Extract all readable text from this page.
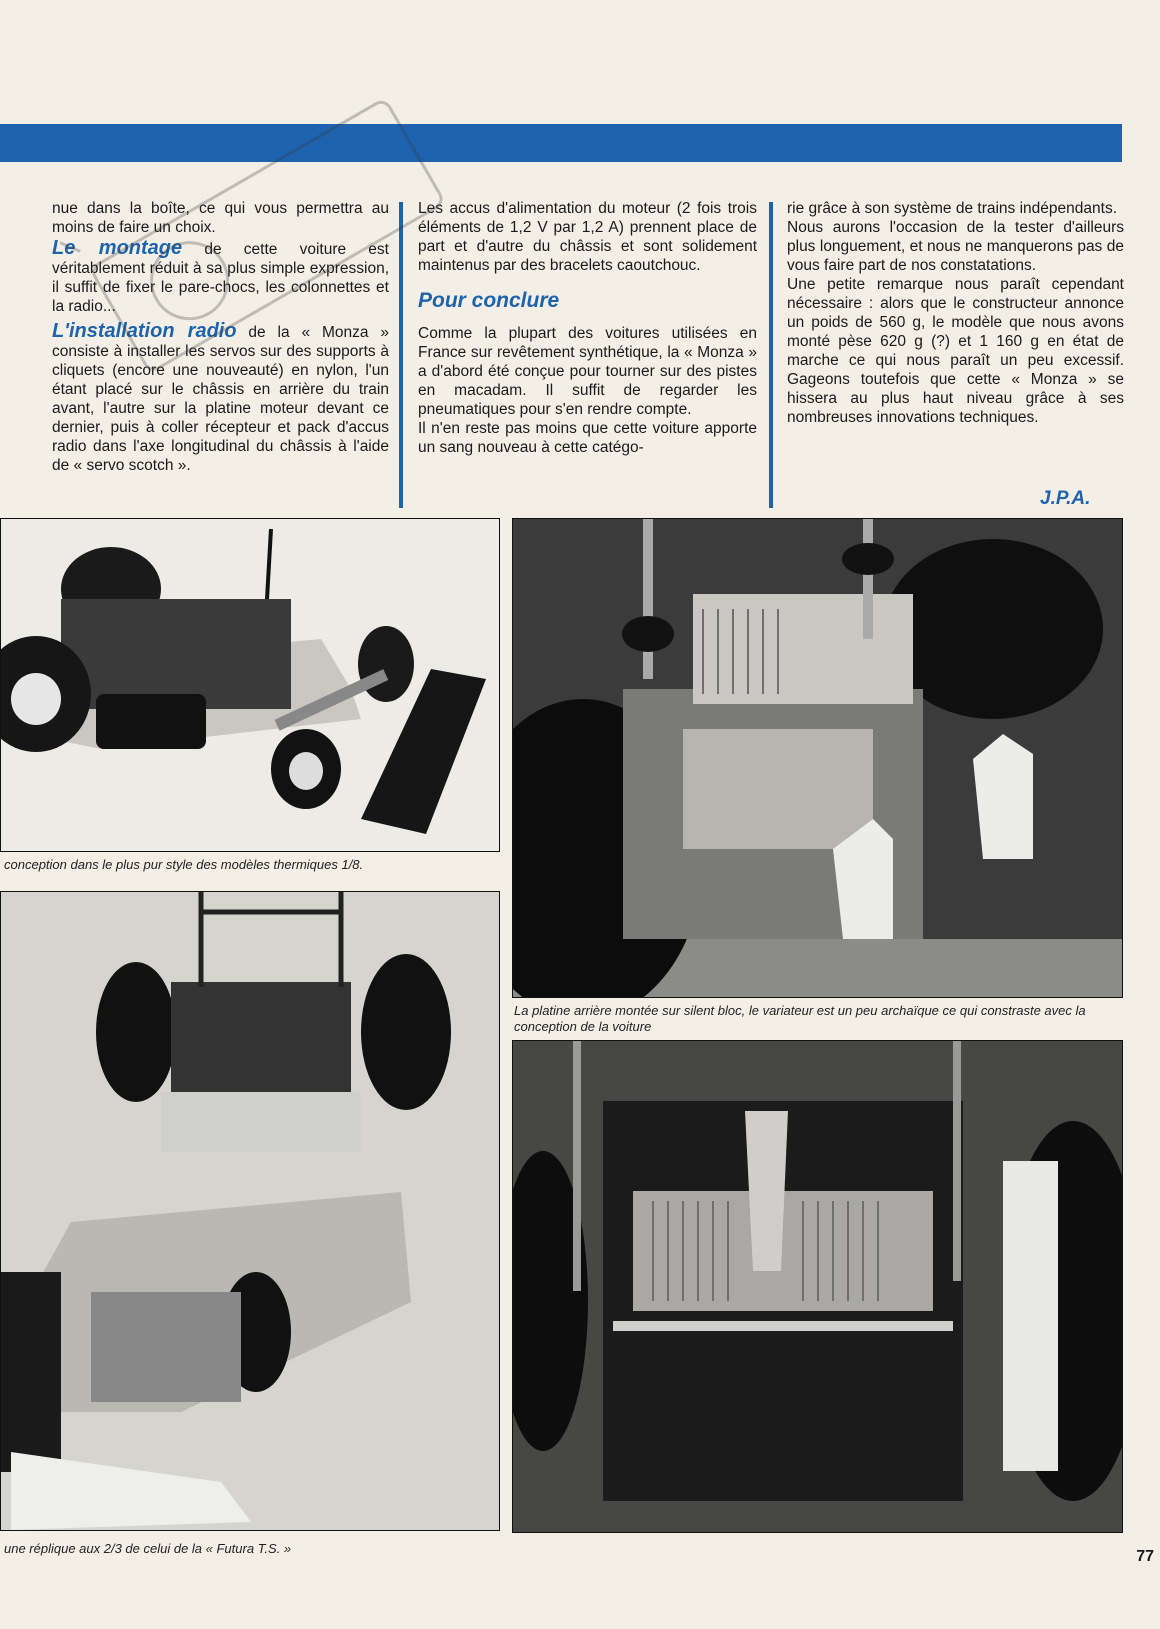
nue dans la boîte, ce qui vous permettra au moins de faire un choix.

Le montage de cette voiture est véritablement réduit à sa plus simple expression, il suffit de fixer le pare-chocs, les colonnettes et la radio...

L'installation radio de la « Monza » consiste à installer les servos sur des supports à cliquets (encore une nouveauté) en nylon, l'un étant placé sur le châssis en arrière du train avant, l'autre sur la platine moteur devant ce dernier, puis à coller récepteur et pack d'accus radio dans l'axe longitudinal du châssis à l'aide de « servo scotch ».

Les accus d'alimentation du moteur (2 fois trois éléments de 1,2 V par 1,2 A) prennent place de part et d'autre du châssis et sont solidement maintenus par des bracelets caoutchouc.

Pour conclure

Comme la plupart des voitures utilisées en France sur revêtement synthétique, la « Monza » a d'abord été conçue pour tourner sur des pistes en macadam. Il suffit de regarder les pneumatiques pour s'en rendre compte.

Il n'en reste pas moins que cette voiture apporte un sang nouveau à cette catégo-

rie grâce à son système de trains indépendants.

Nous aurons l'occasion de la tester d'ailleurs plus longuement, et nous ne manquerons pas de vous faire part de nos constatations.

Une petite remarque nous paraît cependant nécessaire : alors que le constructeur annonce un poids de 560 g, le modèle que nous avons monté pèse 620 g (?) et 1 160 g en état de marche ce qui nous paraît un peu excessif. Gageons toutefois que cette « Monza » se hissera au plus haut niveau grâce à ses nombreuses innovations techniques.

J.P.A.
conception dans le plus pur style des modèles thermiques 1/8.
La platine arrière montée sur silent bloc, le variateur est un peu archaïque ce qui constraste avec la conception de la voiture
une réplique aux 2/3 de celui de la « Futura T.S. »	77
